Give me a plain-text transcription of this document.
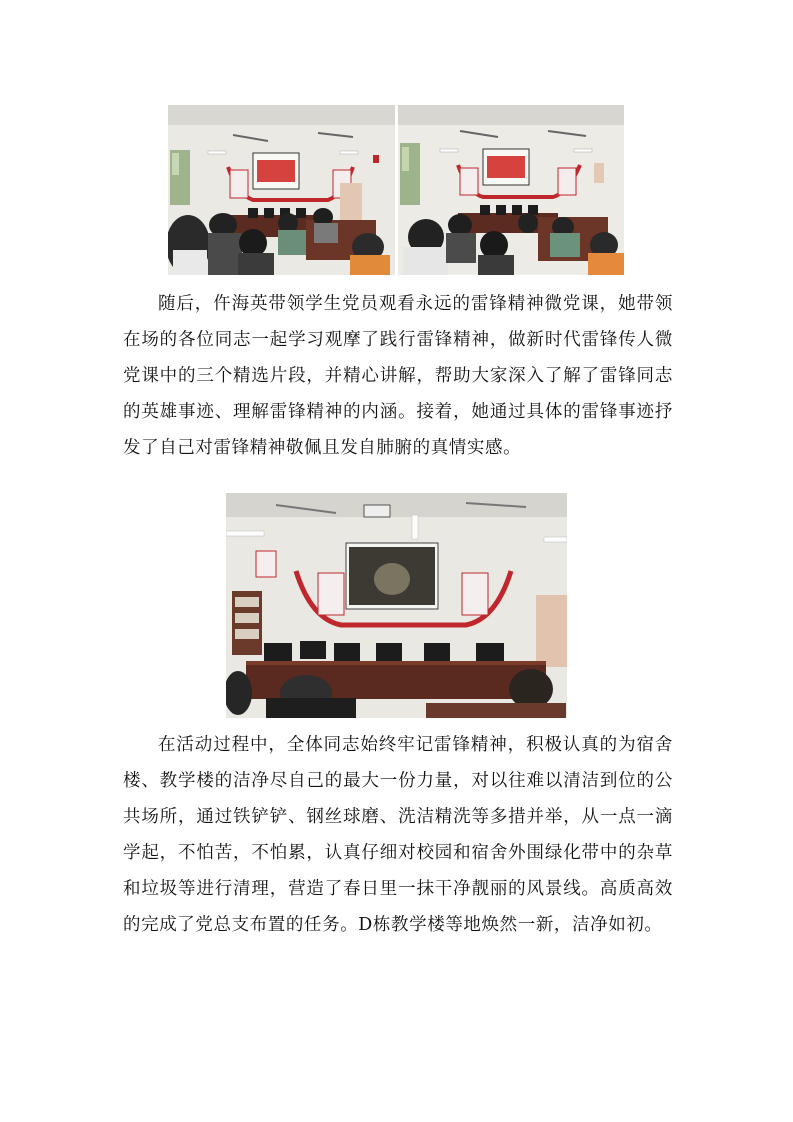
随后，仵海英带领学生党员观看永远的雷锋精神微党课，她带领在场的各位同志一起学习观摩了践行雷锋精神，做新时代雷锋传人微党课中的三个精选片段，并精心讲解，帮助大家深入了解了雷锋同志的英雄事迹、理解雷锋精神的内涵。接着，她通过具体的雷锋事迹抒发了自己对雷锋精神敬佩且发自肺腑的真情实感。

在活动过程中，全体同志始终牢记雷锋精神，积极认真的为宿舍楼、教学楼的洁净尽自己的最大一份力量，对以往难以清洁到位的公共场所，通过铁铲铲、钢丝球磨、洗洁精洗等多措并举，从一点一滴学起，不怕苦，不怕累，认真仔细对校园和宿舍外围绿化带中的杂草和垃圾等进行清理，营造了春日里一抹干净靓丽的风景线。高质高效的完成了党总支布置的任务。D栋教学楼等地焕然一新，洁净如初。
